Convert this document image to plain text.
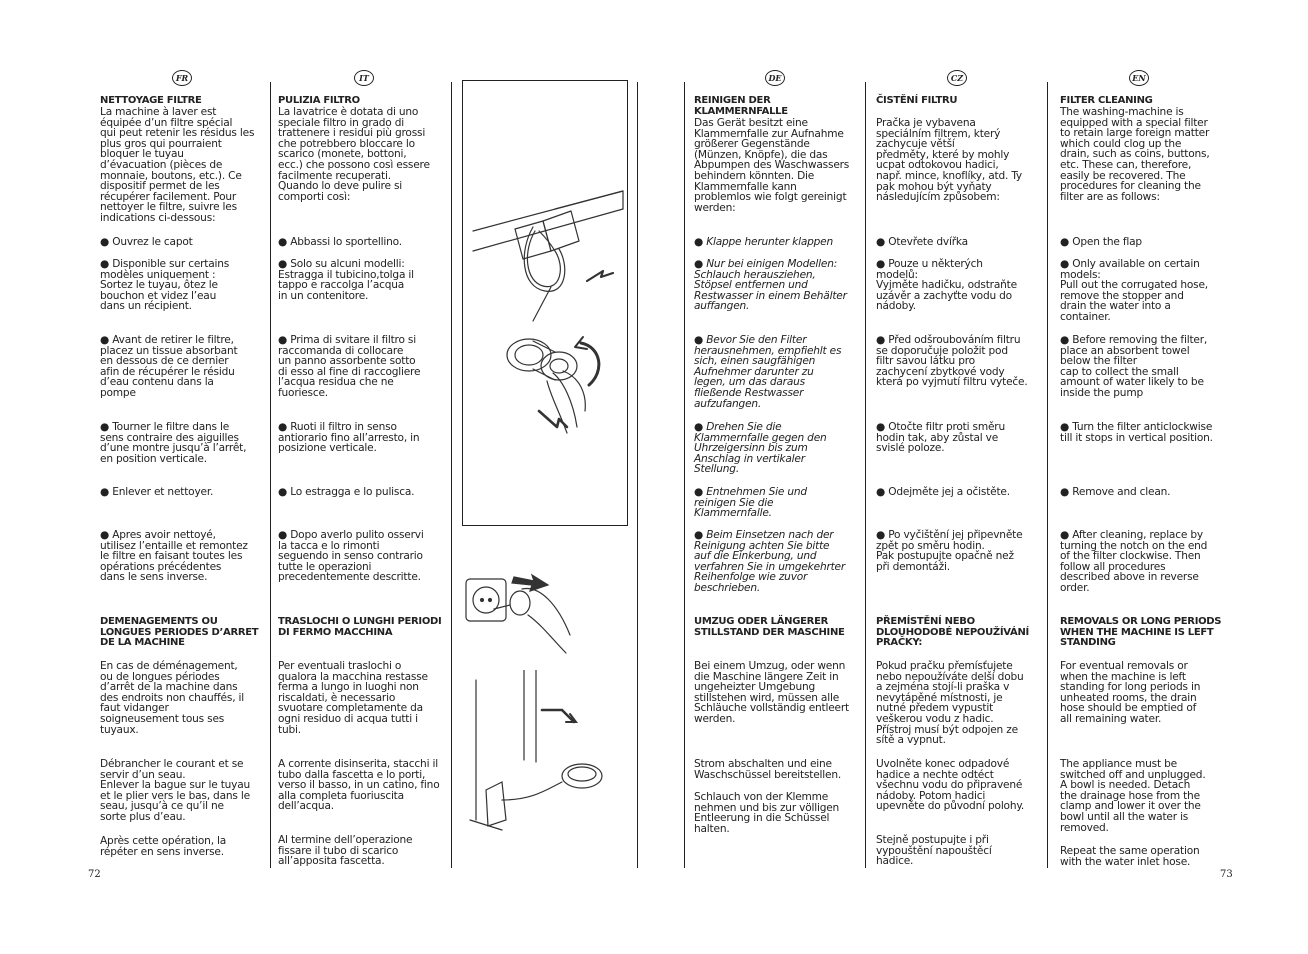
FR	IT	DE	CZ	EN

NETTOYAGE FILTRE

La machine à laver est
équipée d’un filtre spécial
qui peut retenir les résidus les
plus gros qui pourraient
bloquer le tuyau
d’évacuation (pièces de
monnaie, boutons, etc.). Ce
dispositif permet de les
récupérer facilement. Pour
nettoyer le filtre, suivre les
indications ci-dessous:

● Ouvrez le capot

● Disponible sur certains
modèles uniquement :
Sortez le tuyau, ôtez le
bouchon et videz l’eau
dans un récipient.

● Avant de retirer le filtre,
placez un tissue absorbant
en dessous de ce dernier
afin de récupérer le résidu
d’eau contenu dans la
pompe

● Tourner le filtre dans le
sens contraire des aiguilles
d’une montre jusqu’à l’arrêt,
en position verticale.

● Enlever et nettoyer.

● Apres avoir nettoyé,
utilisez l’entaille et remontez
le filtre en faisant toutes les
opérations précédentes
dans le sens inverse.

DEMENAGEMENTS OU
LONGUES PERIODES D’ARRET
DE LA MACHINE

En cas de déménagement,
ou de longues périodes
d’arrêt de la machine dans
des endroits non chauffés, il
faut vidanger
soigneusement tous ses
tuyaux.

Débrancher le courant et se
servir d’un seau.
Enlever la bague sur le tuyau
et le plier vers le bas, dans le
seau, jusqu’à ce qu’il ne
sorte plus d’eau.

Après cette opération, la
répéter en sens inverse.

PULIZIA FILTRO

La lavatrice è dotata di uno
speciale filtro in grado di
trattenere i residui più grossi
che potrebbero bloccare lo
scarico (monete, bottoni,
ecc.) che possono così essere
facilmente recuperati.
Quando lo deve pulire si
comporti così:

● Abbassi lo sportellino.

● Solo su alcuni modelli:
Estragga il tubicino,tolga il
tappo e raccolga l’acqua
in un contenitore.

● Prima di svitare il filtro si
raccomanda di collocare
un panno assorbente sotto
di esso al fine di raccogliere
l’acqua residua che ne
fuoriesce.

● Ruoti il filtro in senso
antiorario fino all’arresto, in
posizione verticale.

● Lo estragga e lo pulisca.

● Dopo averlo pulito osservi
la tacca e lo rimonti
seguendo in senso contrario
tutte le operazioni
precedentemente descritte.

TRASLOCHI O LUNGHI PERIODI
DI FERMO MACCHINA

Per eventuali traslochi o
qualora la macchina restasse
ferma a lungo in luoghi non
riscaldati, è necessario
svuotare completamente da
ogni residuo di acqua tutti i
tubi.

A corrente disinserita, stacchi il
tubo dalla fascetta e lo porti,
verso il basso, in un catino, fino
alla completa fuoriuscita
dell’acqua.

Al termine dell’operazione
fissare il tubo di scarico
all’apposita fascetta.

REINIGEN DER
KLAMMERNFALLE

Das Gerät besitzt eine
Klammernfalle zur Aufnahme
größerer Gegenstände
(Münzen, Knöpfe), die das
Abpumpen des Waschwassers
behindern könnten. Die
Klammernfalle kann
problemlos wie folgt gereinigt
werden:

● Klappe herunter klappen

● Nur bei einigen Modellen:
Schlauch herausziehen,
Stöpsel entfernen und
Restwasser in einem Behälter
auffangen.

● Bevor Sie den Filter
herausnehmen, empfiehlt es
sich, einen saugfähigen
Aufnehmer darunter zu
legen, um das daraus
fließende Restwasser
aufzufangen.

● Drehen Sie die
Klammernfalle gegen den
Uhrzeigersinn bis zum
Anschlag in vertikaler
Stellung.

● Entnehmen Sie und
reinigen Sie die
Klammernfalle.

● Beim Einsetzen nach der
Reinigung achten Sie bitte
auf die Einkerbung, und
verfahren Sie in umgekehrter
Reihenfolge wie zuvor
beschrieben.

UMZUG ODER LÄNGERER
STILLSTAND DER MASCHINE

Bei einem Umzug, oder wenn
die Maschine längere Zeit in
ungeheizter Umgebung
stillstehen wird, müssen alle
Schläuche vollständig entleert
werden.

Strom abschalten und eine
Waschschüssel bereitstellen.

Schlauch von der Klemme
nehmen und bis zur völligen
Entleerung in die Schüssel
halten.

ČISTĚNÍ FILTRU

Pračka je vybavena
speciálním filtrem, který
zachycuje větší
předměty, které by mohly
ucpat odtokovou hadici,
např. mince, knoflíky, atd. Ty
pak mohou být vyňaty
následujícím způsobem:

● Otevřete dvířka

● Pouze u některých
modelů:
Vyjměte hadičku, odstraňte
uzávěr a zachyťte vodu do
nádoby.

● Před odšroubováním filtru
se doporučuje položit pod
filtr savou látku pro
zachycení zbytkové vody
která po vyjmutí filtru vyteče.

● Otočte filtr proti směru
hodin tak, aby zůstal ve
svislé poloze.

● Odejměte jej a očistěte.

● Po vyčištění jej připevněte
zpět po směru hodin.
Pak postupujte opačně než
při demontáži.

PŘEMÍSTĚNÍ NEBO
DLOUHODOBÉ NEPOUŽÍVÁNÍ
PRAČKY:

Pokud pračku přemísťujete
nebo nepoužíváte delší dobu
a zejména stojí-li praška v
nevytápěné místnosti, je
nutné předem vypustit
veškerou vodu z hadic.
Přístroj musí být odpojen ze
sítě a vypnut.

Uvolněte konec odpadové
hadice a nechte odtéct
všechnu vodu do připravené
nádoby. Potom hadici
upevněte do původní polohy.

Stejně postupujte i při
vypouštění napouštěcí
hadice.

FILTER CLEANING

The washing-machine is
equipped with a special filter
to retain large foreign matter
which could clog up the
drain, such as coins, buttons,
etc. These can, therefore,
easily be recovered. The
procedures for cleaning the
filter are as follows:

● Open the flap

● Only available on certain
models:
Pull out the corrugated hose,
remove the stopper and
drain the water into a
container.

● Before removing the filter,
place an absorbent towel
below the filter
cap to collect the small
amount of water likely to be
inside the pump

● Turn the filter anticlockwise
till it stops in vertical position.

● Remove and clean.

● After cleaning, replace by
turning the notch on the end
of the filter clockwise. Then
follow all procedures
described above in reverse
order.

REMOVALS OR LONG PERIODS
WHEN THE MACHINE IS LEFT
STANDING

For eventual removals or
when the machine is left
standing for long periods in
unheated rooms, the drain
hose should be emptied of
all remaining water.

The appliance must be
switched off and unplugged.
A bowl is needed. Detach
the drainage hose from the
clamp and lower it over the
bowl until all the water is
removed.

Repeat the same operation
with the water inlet hose.

72	73
